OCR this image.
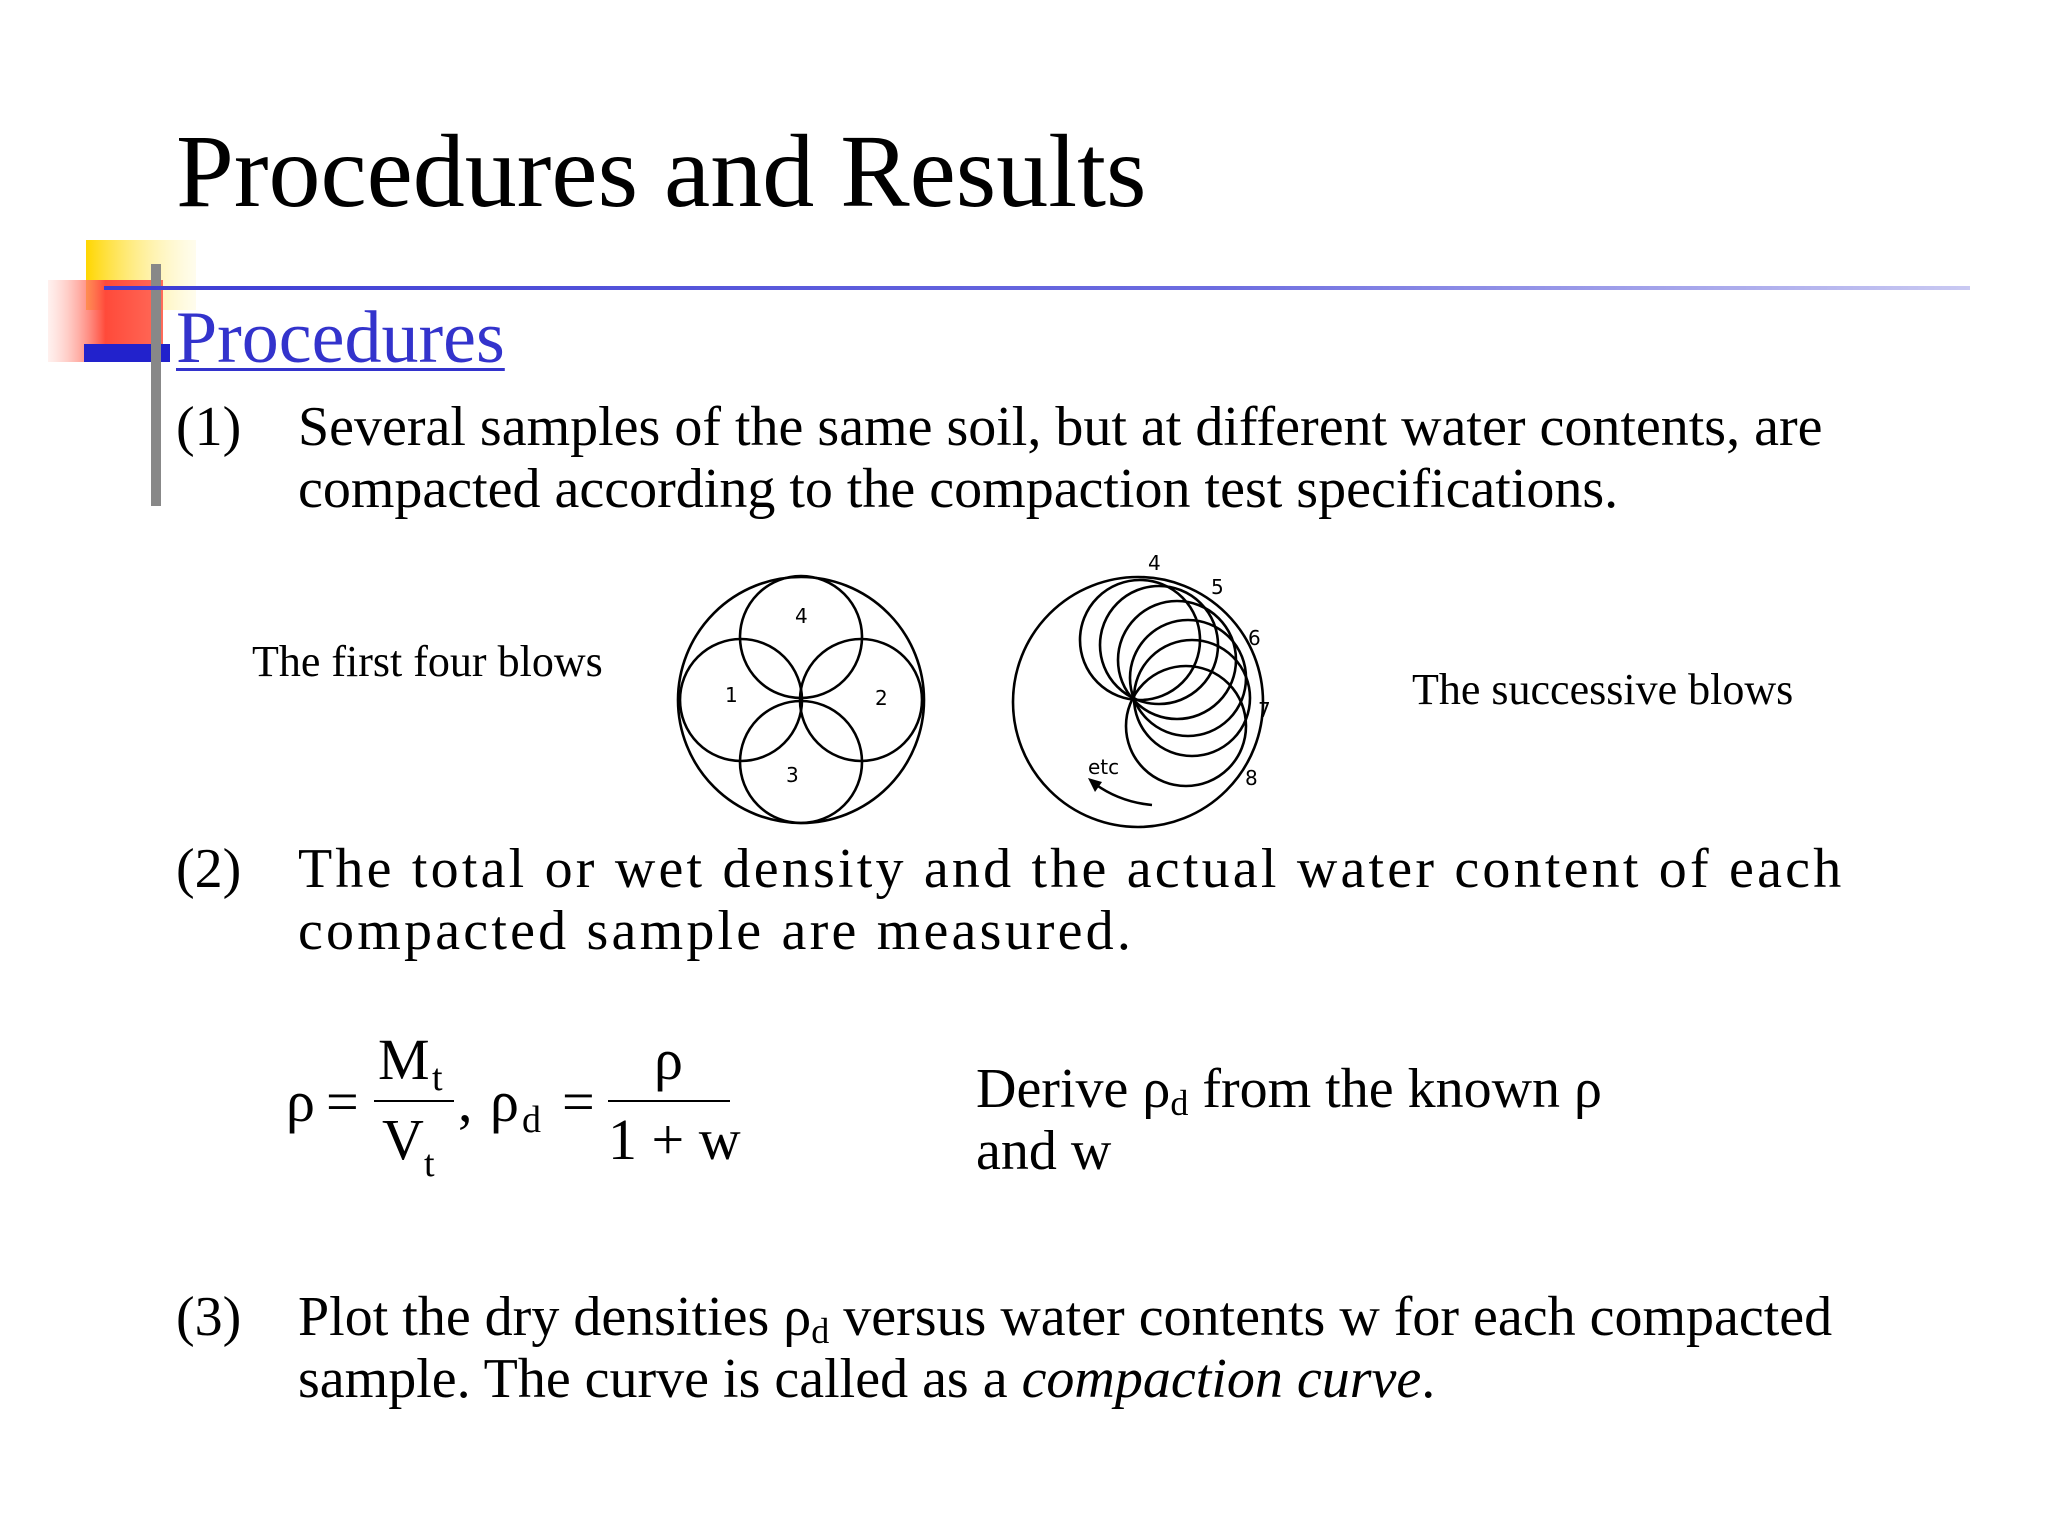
Procedures and Results
Procedures
(1) Several samples of the same soil, but at different water contents, are compacted according to the compaction test specifications.
The first four blows
The successive blows
4
1	2
3
4
5
6
7
8
etc
(2) The total or wet density and the actual water content of each compacted sample are measured.
ρ =
M t
V t
, ρ d =
ρ
1 + w
Derive $\rho_d$ from the known ρ
and w
(3) Plot the dry densities $\rho_d$ versus water contents w for each compacted sample. The curve is called as a compaction curve.
